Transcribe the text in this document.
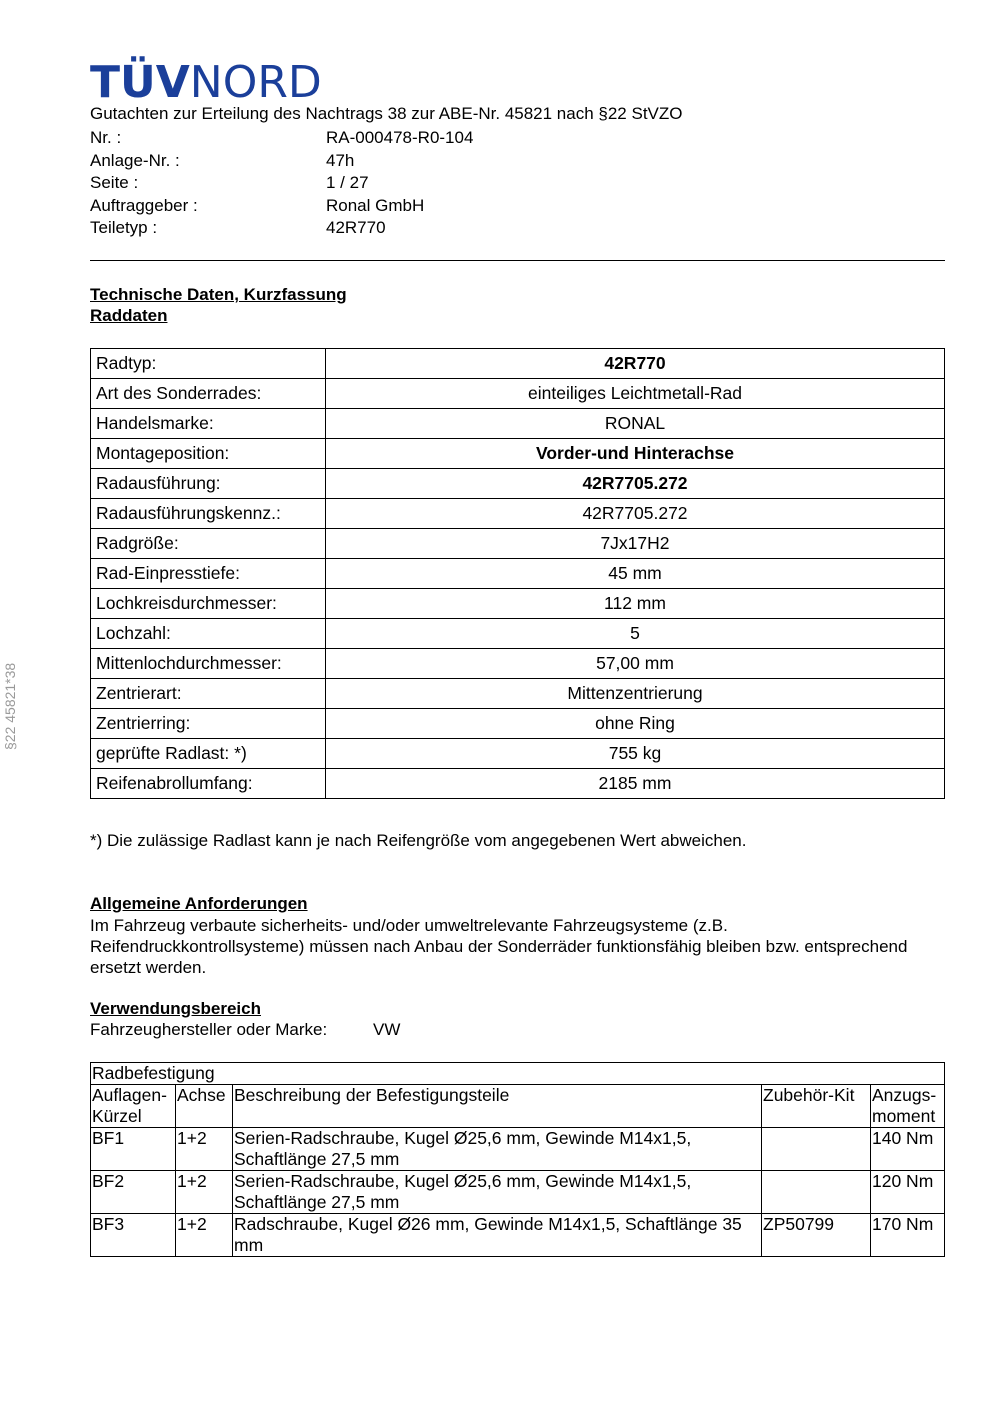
TÜV NORD
Gutachten zur Erteilung des Nachtrags 38 zur ABE-Nr. 45821 nach §22 StVZO
Nr. :	RA-000478-R0-104
Anlage-Nr. :	47h
Seite :	1 / 27
Auftraggeber :	Ronal GmbH
Teiletyp :	42R770
Technische Daten, Kurzfassung
Raddaten
Radtyp:	42R770
Art des Sonderrades:	einteiliges Leichtmetall-Rad
Handelsmarke:	RONAL
Montageposition:	Vorder-und Hinterachse
Radausführung:	42R7705.272
Radausführungskennz.:	42R7705.272
Radgröße:	7Jx17H2
Rad-Einpresstiefe:	45 mm
Lochkreisdurchmesser:	112 mm
Lochzahl:	5
Mittenlochdurchmesser:	57,00 mm
Zentrierart:	Mittenzentrierung
Zentrierring:	ohne Ring
geprüfte Radlast: *)	755 kg
Reifenabrollumfang:	2185 mm
*) Die zulässige Radlast kann je nach Reifengröße vom angegebenen Wert abweichen.
Allgemeine Anforderungen
Im Fahrzeug verbaute sicherheits- und/oder umweltrelevante Fahrzeugsysteme (z.B. Reifendruckkontrollsysteme) müssen nach Anbau der Sonderräder funktionsfähig bleiben bzw. entsprechend ersetzt werden.
Verwendungsbereich
Fahrzeughersteller oder Marke:	VW
Radbefestigung				
Auflagen-Kürzel	Achse	Beschreibung der Befestigungsteile	Zubehör-Kit	Anzugs-moment
BF1	1+2	Serien-Radschraube, Kugel Ø25,6 mm, Gewinde M14x1,5, Schaftlänge 27,5 mm		140 Nm
BF2	1+2	Serien-Radschraube, Kugel Ø25,6 mm, Gewinde M14x1,5, Schaftlänge 27,5 mm		120 Nm
BF3	1+2	Radschraube, Kugel Ø26 mm, Gewinde M14x1,5, Schaftlänge 35 mm	ZP50799	170 Nm
§22 45821*38
